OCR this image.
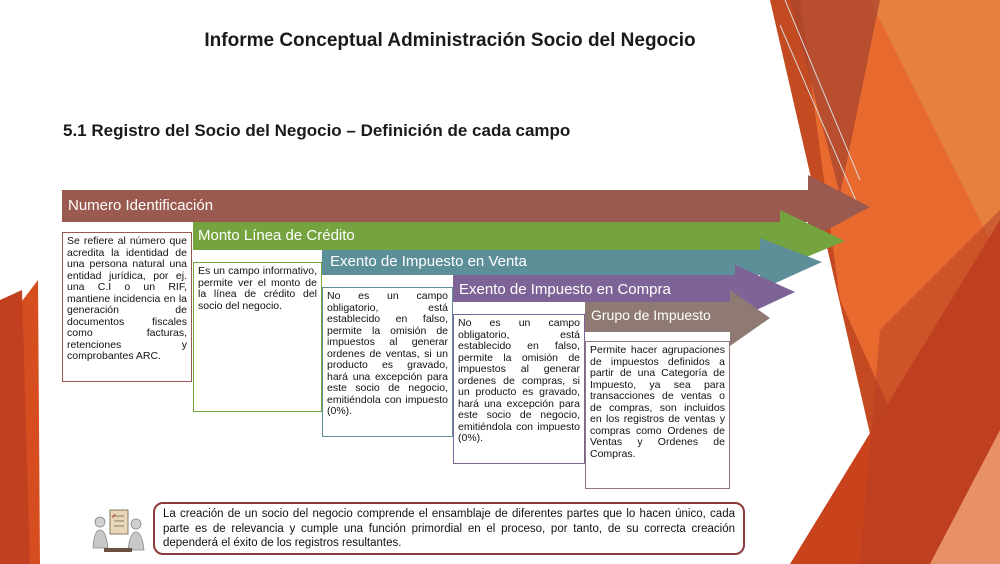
Informe Conceptual Administración Socio del Negocio
5.1 Registro del Socio del Negocio – Definición de cada campo
Numero Identificación
Monto Línea de Crédito
Exento de Impuesto en Venta
Exento de Impuesto en Compra
Grupo de Impuesto
Se refiere al número que acredita la identidad de una persona natural una entidad jurídica, por ej. una C.I o un RIF, mantiene incidencia en la generación de documentos fiscales como facturas, retenciones y comprobantes ARC.
Es un campo informativo, permite ver el monto de la línea de crédito del socio del negocio.
No es un campo obligatorio, está establecido en falso, permite la omisión de impuestos al generar ordenes de ventas, si un producto es gravado, hará una excepción para este socio de negocio, emitiéndola con impuesto (0%).
No es un campo obligatorio, está establecido en falso, permite la omisión de impuestos al generar ordenes de compras, si un producto es gravado, hará una excepción para este socio de negocio, emitiéndola con impuesto (0%).
Permite hacer agrupaciones de impuestos definidos a partir de una Categoría de Impuesto, ya sea para transacciones de ventas o de compras, son incluidos en los registros de ventas y compras como Ordenes de Ventas y Ordenes de Compras.
La creación de un socio del negocio comprende el ensamblaje de diferentes partes que lo hacen único, cada parte es de relevancia y cumple una función primordial en el proceso, por tanto, de su correcta creación dependerá el éxito de los registros resultantes.
